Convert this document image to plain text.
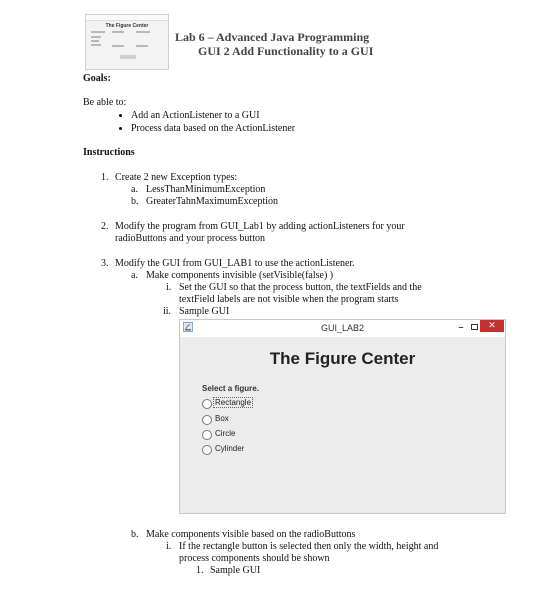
The Figure Center
Lab 6 – Advanced Java Programming
GUI 2 Add Functionality to a GUI
Goals:
Be able to:
Add an ActionListener to a GUI
Process data based on the ActionListener
Instructions
1. Create 2 new Exception types:
a. LessThanMinimumException
b. GreaterTahnMaximumException
2. Modify the program from GUI_Lab1 by adding actionListeners for your
radioButtons and your process button
3. Modify the GUI from GUI_LAB1 to use the actionListener.
a. Make components invisible (setVisible(false) )
i. Set the GUI so that the process button, the textFields and the
textField labels are not visible when the program starts
ii. Sample GUI
GUI_LAB2	–	✕
The Figure Center
Select a figure.
Rectangle
Box
Circle
Cylinder
b. Make components visible based on the radioButtons
i. If the rectangle button is selected then only the width, height and
process components should be shown
1. Sample GUI
